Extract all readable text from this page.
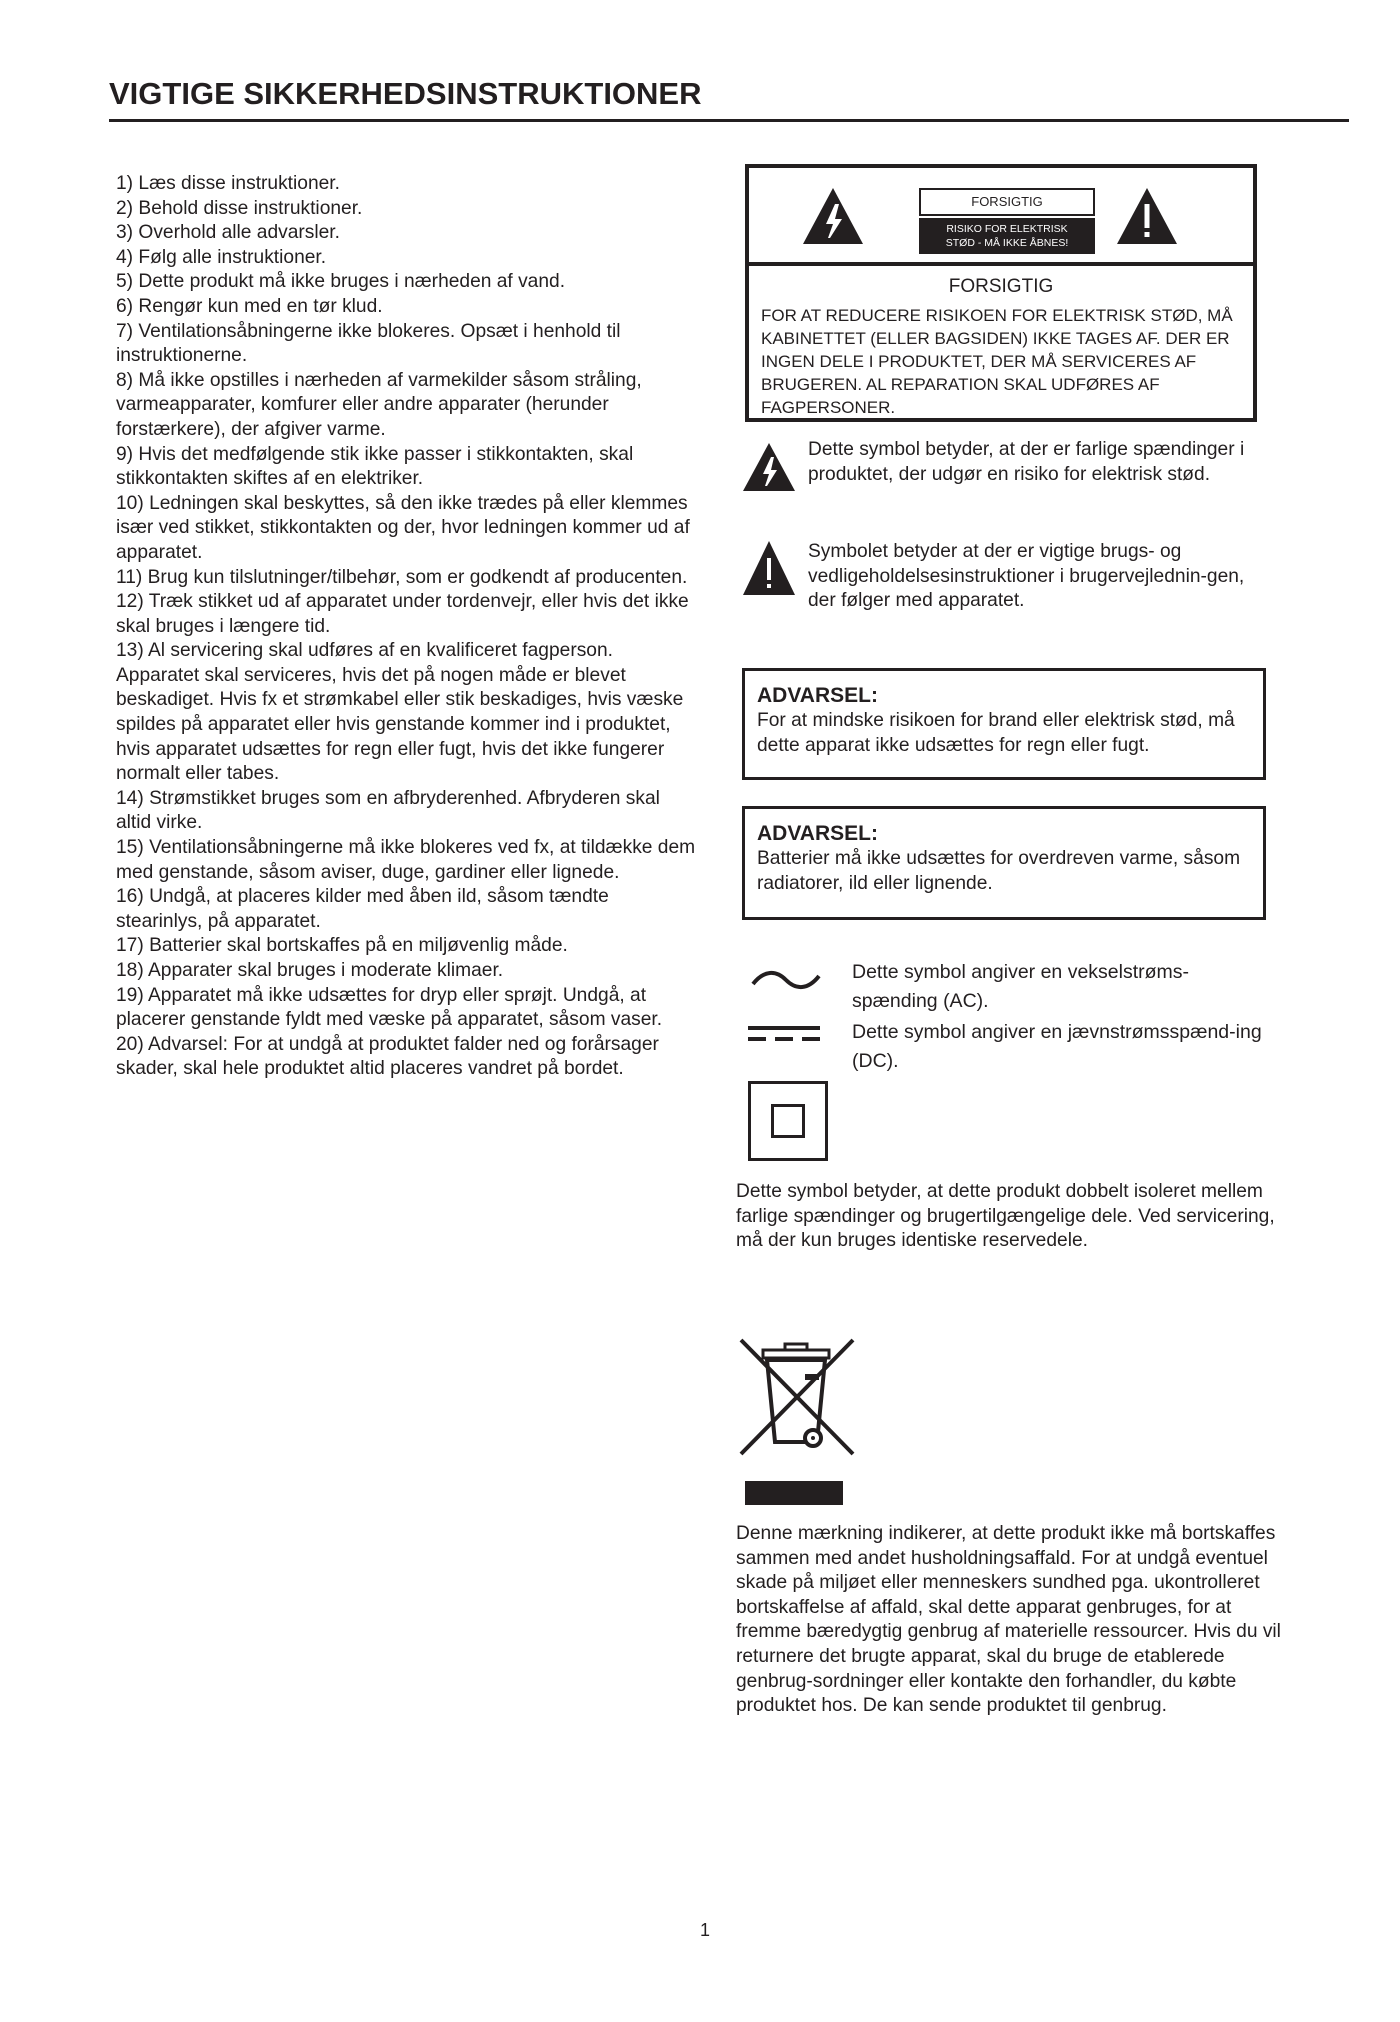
VIGTIGE SIKKERHEDSINSTRUKTIONER
1) Læs disse instruktioner.
2) Behold disse instruktioner.
3) Overhold alle advarsler.
4) Følg alle instruktioner.
5) Dette produkt må ikke bruges i nærheden af vand.
6) Rengør kun med en tør klud.
7) Ventilationsåbningerne ikke blokeres. Opsæt i henhold til instruktionerne.
8) Må ikke opstilles i nærheden af varmekilder såsom stråling, varmeapparater, komfurer eller andre apparater (herunder forstærkere), der afgiver varme.
9) Hvis det medfølgende stik ikke passer i stikkontakten, skal stikkontakten skiftes af en elektriker.
10) Ledningen skal beskyttes, så den ikke trædes på eller klemmes især ved stikket, stikkontakten og der, hvor ledningen kommer ud af apparatet.
11) Brug kun tilslutninger/tilbehør, som er godkendt af producenten.
12) Træk stikket ud af apparatet under tordenvejr, eller hvis det ikke skal bruges i længere tid.
13) Al servicering skal udføres af en kvalificeret fagperson. Apparatet skal serviceres, hvis det på nogen måde er blevet beskadiget. Hvis fx et strømkabel eller stik beskadiges, hvis væske spildes på apparatet eller hvis genstande kommer ind i produktet, hvis apparatet udsættes for regn eller fugt, hvis det ikke fungerer normalt eller tabes.
14) Strømstikket bruges som en afbryderenhed. Afbryderen skal altid virke.
15) Ventilationsåbningerne må ikke blokeres ved fx, at tildække dem med genstande, såsom aviser, duge, gardiner eller lignede.
16) Undgå, at placeres kilder med åben ild, såsom tændte stearinlys, på apparatet.
17) Batterier skal bortskaffes på en miljøvenlig måde.
18) Apparater skal bruges i moderate klimaer.
19) Apparatet må ikke udsættes for dryp eller sprøjt. Undgå, at placerer genstande fyldt med væske på apparatet, såsom vaser.
20) Advarsel: For at undgå at produktet falder ned og forårsager skader, skal hele produktet altid placeres vandret på bordet.
FORSIGTIG
RISIKO FOR ELEKTRISK
STØD - MÅ IKKE ÅBNES!
FORSIGTIG
FOR AT REDUCERE RISIKOEN FOR ELEKTRISK STØD, MÅ KABINETTET (ELLER BAGSIDEN) IKKE TAGES AF. DER ER INGEN DELE I PRODUKTET, DER MÅ SERVICERES AF BRUGEREN. AL REPARATION SKAL UDFØRES AF FAGPERSONER.
Dette symbol betyder, at der er farlige spændinger i produktet, der udgør en risiko for elektrisk stød.
Symbolet betyder at der er vigtige brugs- og vedligeholdelsesinstruktioner i brugervejlednin-gen, der følger med apparatet.
ADVARSEL:
For at mindske risikoen for brand eller elektrisk stød, må dette apparat ikke udsættes for regn eller fugt.
ADVARSEL:
Batterier må ikke udsættes for overdreven varme, såsom radiatorer, ild eller lignende.
Dette symbol angiver en vekselstrøms-spænding (AC).
Dette symbol angiver en jævnstrømsspænd-ing (DC).
Dette symbol betyder, at dette produkt dobbelt isoleret mellem farlige spændinger og brugertilgængelige dele. Ved servicering, må der kun bruges identiske reservedele.
Denne mærkning indikerer, at dette produkt ikke må bortskaffes sammen med andet husholdningsaffald. For at undgå eventuel skade på miljøet eller menneskers sundhed pga. ukontrolleret bortskaffelse af affald, skal dette apparat genbruges, for at fremme bæredygtig genbrug af materielle ressourcer. Hvis du vil returnere det brugte apparat, skal du bruge de etablerede genbrug-sordninger eller kontakte den forhandler, du købte produktet hos. De kan sende produktet til genbrug.
1
